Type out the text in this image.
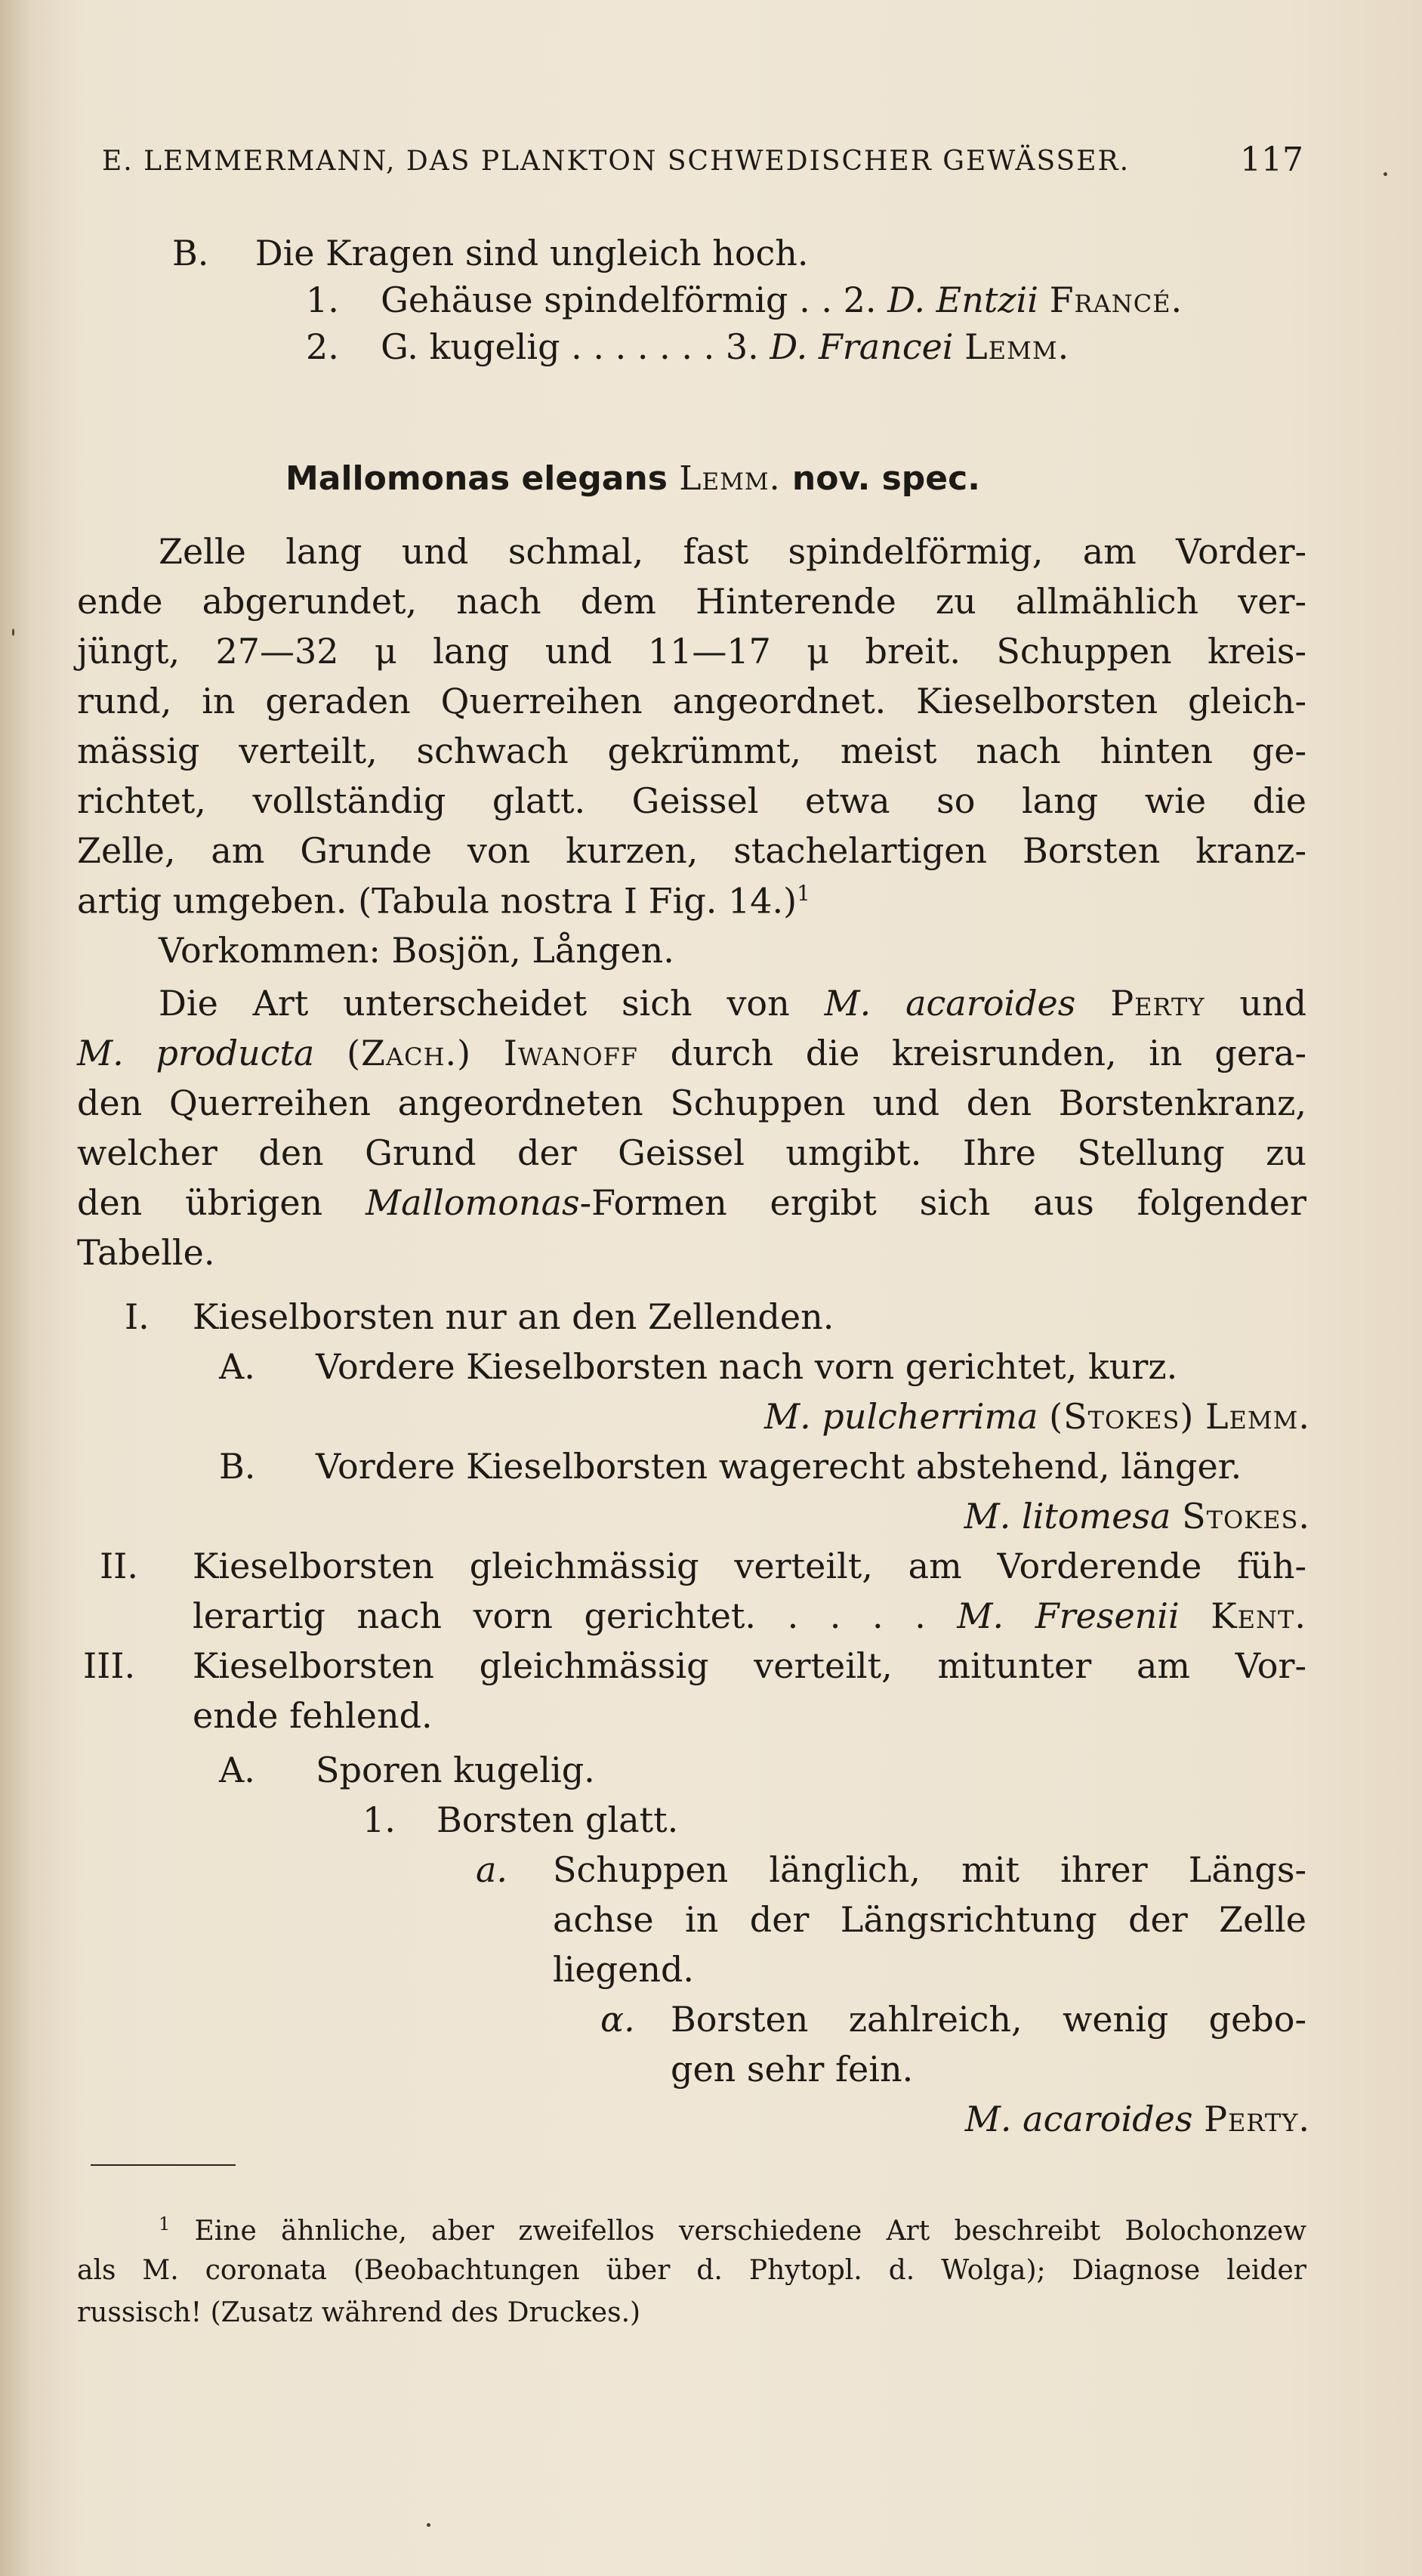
E. LEMMERMANN, DAS PLANKTON SCHWEDISCHER GEWÄSSER.	117
B. Die Kragen sind ungleich hoch.
1. Gehäuse spindelförmig . . 2. D. Entzii Francé.
2. G. kugelig . . . . . . . 3. D. Francei Lemm.
Mallomonas elegans Lemm. nov. spec.
Zelle lang und schmal, fast spindelförmig, am Vorder-
ende abgerundet, nach dem Hinterende zu allmählich ver-
jüngt, 27—32 μ lang und 11—17 μ breit. Schuppen kreis-
rund, in geraden Querreihen angeordnet. Kieselborsten gleich-
mässig verteilt, schwach gekrümmt, meist nach hinten ge-
richtet, vollständig glatt. Geissel etwa so lang wie die
Zelle, am Grunde von kurzen, stachelartigen Borsten kranz-
artig umgeben. (Tabula nostra I Fig. 14.)$^1$
Vorkommen: Bosjön, Lången.
Die Art unterscheidet sich von M. acaroides Perty und
M. producta (Zach.) Iwanoff durch die kreisrunden, in gera-
den Querreihen angeordneten Schuppen und den Borstenkranz,
welcher den Grund der Geissel umgibt. Ihre Stellung zu
den übrigen Mallomonas-Formen ergibt sich aus folgender
Tabelle.
I. Kieselborsten nur an den Zellenden.
A. Vordere Kieselborsten nach vorn gerichtet, kurz.
M. pulcherrima (Stokes) Lemm.
B. Vordere Kieselborsten wagerecht abstehend, länger.
M. litomesa Stokes.
II. Kieselborsten gleichmässig verteilt, am Vorderende füh-
lerartig nach vorn gerichtet. . . . . M. Fresenii Kent.
III. Kieselborsten gleichmässig verteilt, mitunter am Vor-
ende fehlend.
A. Sporen kugelig.
1. Borsten glatt.
a. Schuppen länglich, mit ihrer Längs-
achse in der Längsrichtung der Zelle
liegend.
α. Borsten zahlreich, wenig gebo-
gen sehr fein.
M. acaroides Perty.
$^1$ Eine ähnliche, aber zweifellos verschiedene Art beschreibt Bolochonzew
als M. coronata (Beobachtungen über d. Phytopl. d. Wolga); Diagnose leider
russisch! (Zusatz während des Druckes.)
